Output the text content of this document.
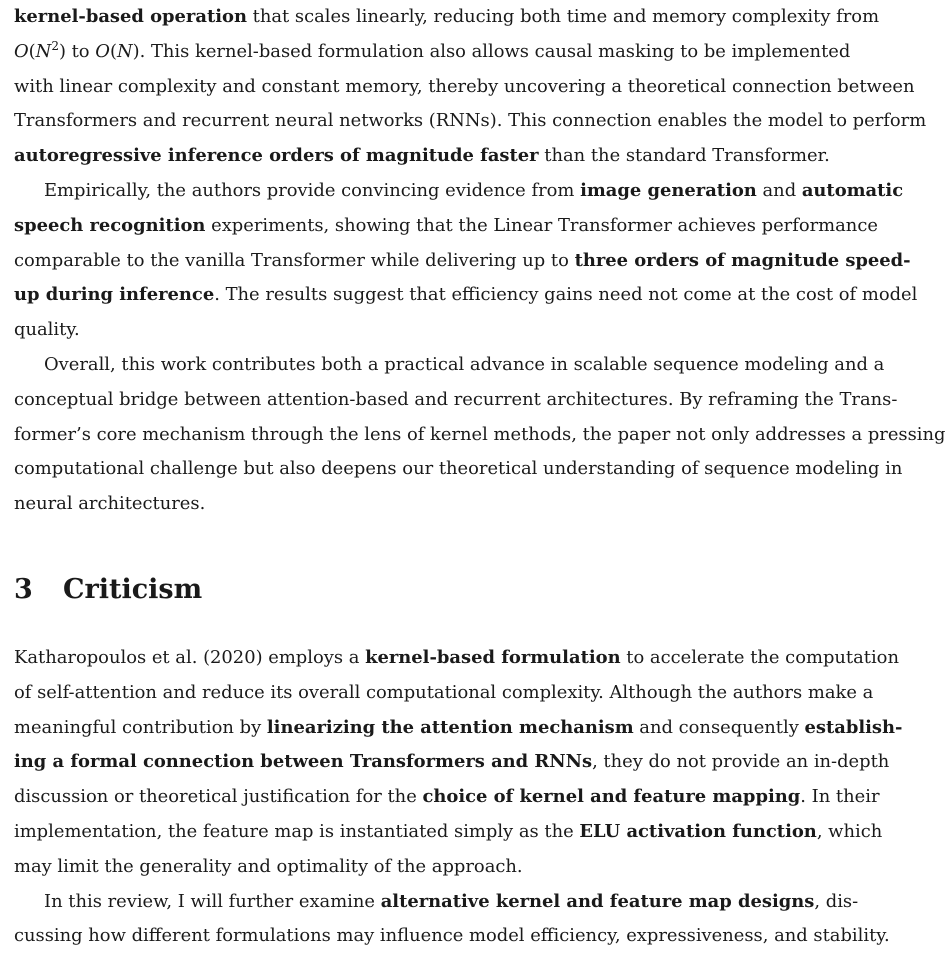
kernel-based operation that scales linearly, reducing both time and memory complexity from
$O(N^2)$ to O(N). This kernel-based formulation also allows causal masking to be implemented
with linear complexity and constant memory, thereby uncovering a theoretical connection between
Transformers and recurrent neural networks (RNNs). This connection enables the model to perform
autoregressive inference orders of magnitude faster than the standard Transformer.
Empirically, the authors provide convincing evidence from image generation and automatic
speech recognition experiments, showing that the Linear Transformer achieves performance
comparable to the vanilla Transformer while delivering up to three orders of magnitude speed-
up during inference. The results suggest that efficiency gains need not come at the cost of model
quality.
Overall, this work contributes both a practical advance in scalable sequence modeling and a
conceptual bridge between attention-based and recurrent architectures. By reframing the Trans-
former’s core mechanism through the lens of kernel methods, the paper not only addresses a pressing
computational challenge but also deepens our theoretical understanding of sequence modeling in
neural architectures.
3 Criticism
Katharopoulos et al. (2020) employs a kernel-based formulation to accelerate the computation
of self-attention and reduce its overall computational complexity. Although the authors make a
meaningful contribution by linearizing the attention mechanism and consequently establish-
ing a formal connection between Transformers and RNNs, they do not provide an in-depth
discussion or theoretical justification for the choice of kernel and feature mapping. In their
implementation, the feature map is instantiated simply as the ELU activation function, which
may limit the generality and optimality of the approach.
In this review, I will further examine alternative kernel and feature map designs, dis-
cussing how different formulations may influence model efficiency, expressiveness, and stability.
